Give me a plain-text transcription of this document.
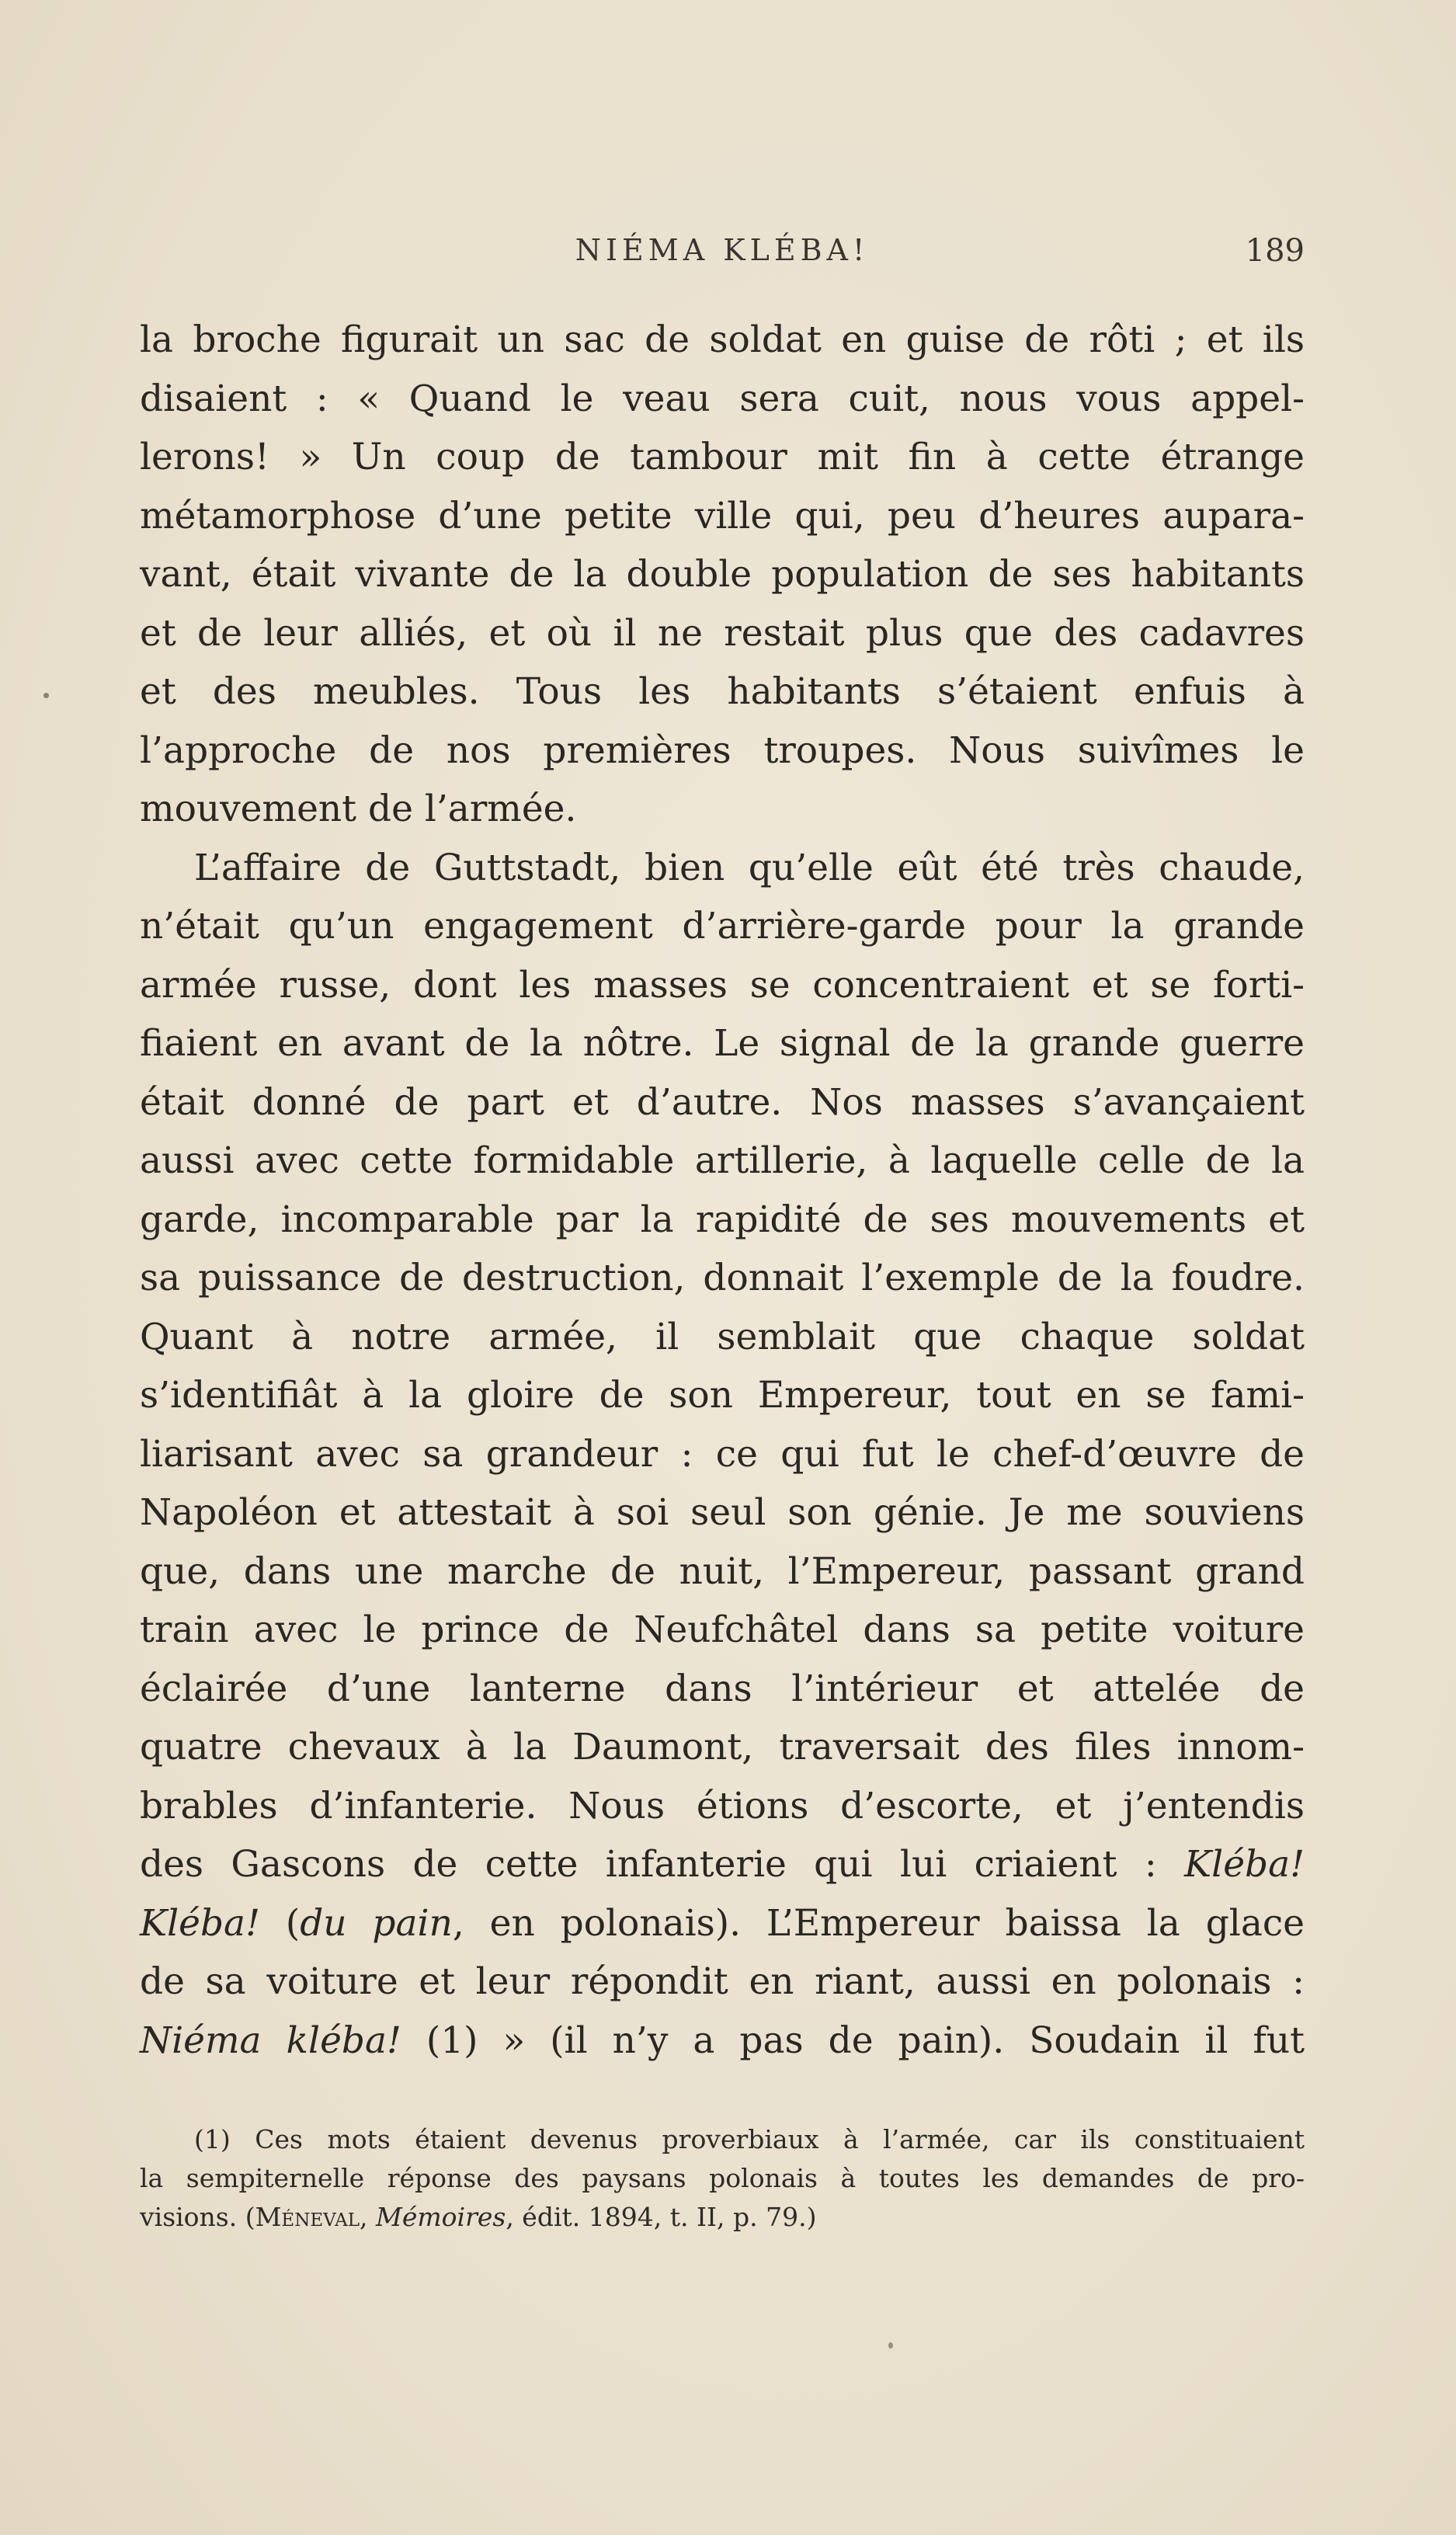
NIÉMA KLÉBA!	189
la broche figurait un sac de soldat en guise de rôti ; et ils
disaient : « Quand le veau sera cuit, nous vous appel-
lerons! » Un coup de tambour mit fin à cette étrange
métamorphose d’une petite ville qui, peu d’heures aupara-
vant, était vivante de la double population de ses habitants
et de leur alliés, et où il ne restait plus que des cadavres
et des meubles. Tous les habitants s’étaient enfuis à
l’approche de nos premières troupes. Nous suivîmes le
mouvement de l’armée.
L’affaire de Guttstadt, bien qu’elle eût été très chaude,
n’était qu’un engagement d’arrière-garde pour la grande
armée russe, dont les masses se concentraient et se forti-
fiaient en avant de la nôtre. Le signal de la grande guerre
était donné de part et d’autre. Nos masses s’avançaient
aussi avec cette formidable artillerie, à laquelle celle de la
garde, incomparable par la rapidité de ses mouvements et
sa puissance de destruction, donnait l’exemple de la foudre.
Quant à notre armée, il semblait que chaque soldat
s’identifiât à la gloire de son Empereur, tout en se fami-
liarisant avec sa grandeur : ce qui fut le chef-d’œuvre de
Napoléon et attestait à soi seul son génie. Je me souviens
que, dans une marche de nuit, l’Empereur, passant grand
train avec le prince de Neufchâtel dans sa petite voiture
éclairée d’une lanterne dans l’intérieur et attelée de
quatre chevaux à la Daumont, traversait des files innom-
brables d’infanterie. Nous étions d’escorte, et j’entendis
des Gascons de cette infanterie qui lui criaient : Kléba!
Kléba! (du pain, en polonais). L’Empereur baissa la glace
de sa voiture et leur répondit en riant, aussi en polonais :
Niéma kléba! (1) » (il n’y a pas de pain). Soudain il fut
(1) Ces mots étaient devenus proverbiaux à l’armée, car ils constituaient
la sempiternelle réponse des paysans polonais à toutes les demandes de pro-
visions. (Méneval, Mémoires, édit. 1894, t. II, p. 79.)
